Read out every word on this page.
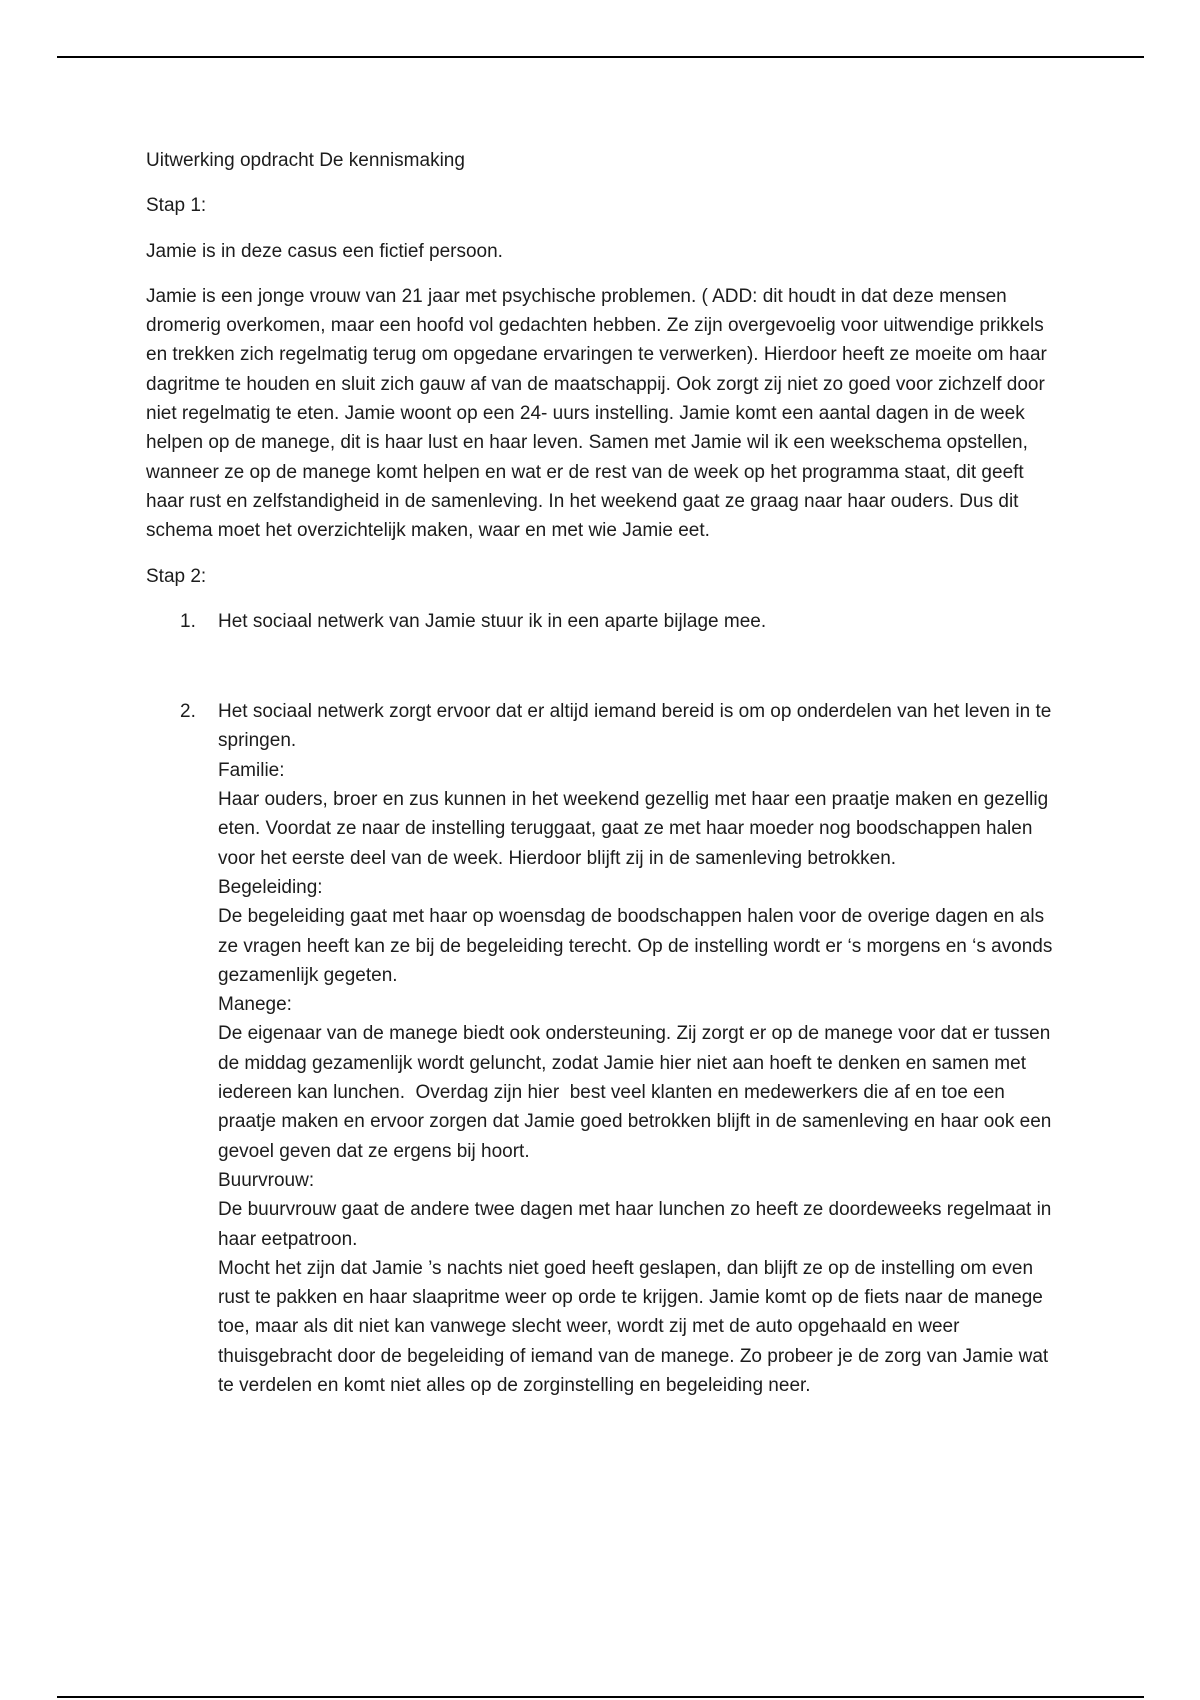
Uitwerking opdracht De kennismaking

Stap 1:

Jamie is in deze casus een fictief persoon.

Jamie is een jonge vrouw van 21 jaar met psychische problemen. ( ADD: dit houdt in dat deze mensen dromerig overkomen, maar een hoofd vol gedachten hebben. Ze zijn overgevoelig voor uitwendige prikkels en trekken zich regelmatig terug om opgedane ervaringen te verwerken). Hierdoor heeft ze moeite om haar dagritme te houden en sluit zich gauw af van de maatschappij. Ook zorgt zij niet zo goed voor zichzelf door niet regelmatig te eten. Jamie woont op een 24- uurs instelling. Jamie komt een aantal dagen in de week helpen op de manege, dit is haar lust en haar leven. Samen met Jamie wil ik een weekschema opstellen, wanneer ze op de manege komt helpen en wat er de rest van de week op het programma staat, dit geeft haar rust en zelfstandigheid in de samenleving. In het weekend gaat ze graag naar haar ouders. Dus dit schema moet het overzichtelijk maken, waar en met wie Jamie eet.

Stap 2:

1. Het sociaal netwerk van Jamie stuur ik in een aparte bijlage mee.
2. Het sociaal netwerk zorgt ervoor dat er altijd iemand bereid is om op onderdelen van het leven in te springen.
Familie:
Haar ouders, broer en zus kunnen in het weekend gezellig met haar een praatje maken en gezellig eten. Voordat ze naar de instelling teruggaat, gaat ze met haar moeder nog boodschappen halen voor het eerste deel van de week. Hierdoor blijft zij in de samenleving betrokken.
Begeleiding:
De begeleiding gaat met haar op woensdag de boodschappen halen voor de overige dagen en als ze vragen heeft kan ze bij de begeleiding terecht. Op de instelling wordt er ‘s morgens en ‘s avonds gezamenlijk gegeten.
Manege:
De eigenaar van de manege biedt ook ondersteuning. Zij zorgt er op de manege voor dat er tussen de middag gezamenlijk wordt geluncht, zodat Jamie hier niet aan hoeft te denken en samen met iedereen kan lunchen.  Overdag zijn hier  best veel klanten en medewerkers die af en toe een praatje maken en ervoor zorgen dat Jamie goed betrokken blijft in de samenleving en haar ook een gevoel geven dat ze ergens bij hoort.
Buurvrouw:
De buurvrouw gaat de andere twee dagen met haar lunchen zo heeft ze doordeweeks regelmaat in haar eetpatroon.
Mocht het zijn dat Jamie ’s nachts niet goed heeft geslapen, dan blijft ze op de instelling om even rust te pakken en haar slaapritme weer op orde te krijgen. Jamie komt op de fiets naar de manege toe, maar als dit niet kan vanwege slecht weer, wordt zij met de auto opgehaald en weer thuisgebracht door de begeleiding of iemand van de manege. Zo probeer je de zorg van Jamie wat te verdelen en komt niet alles op de zorginstelling en begeleiding neer.
